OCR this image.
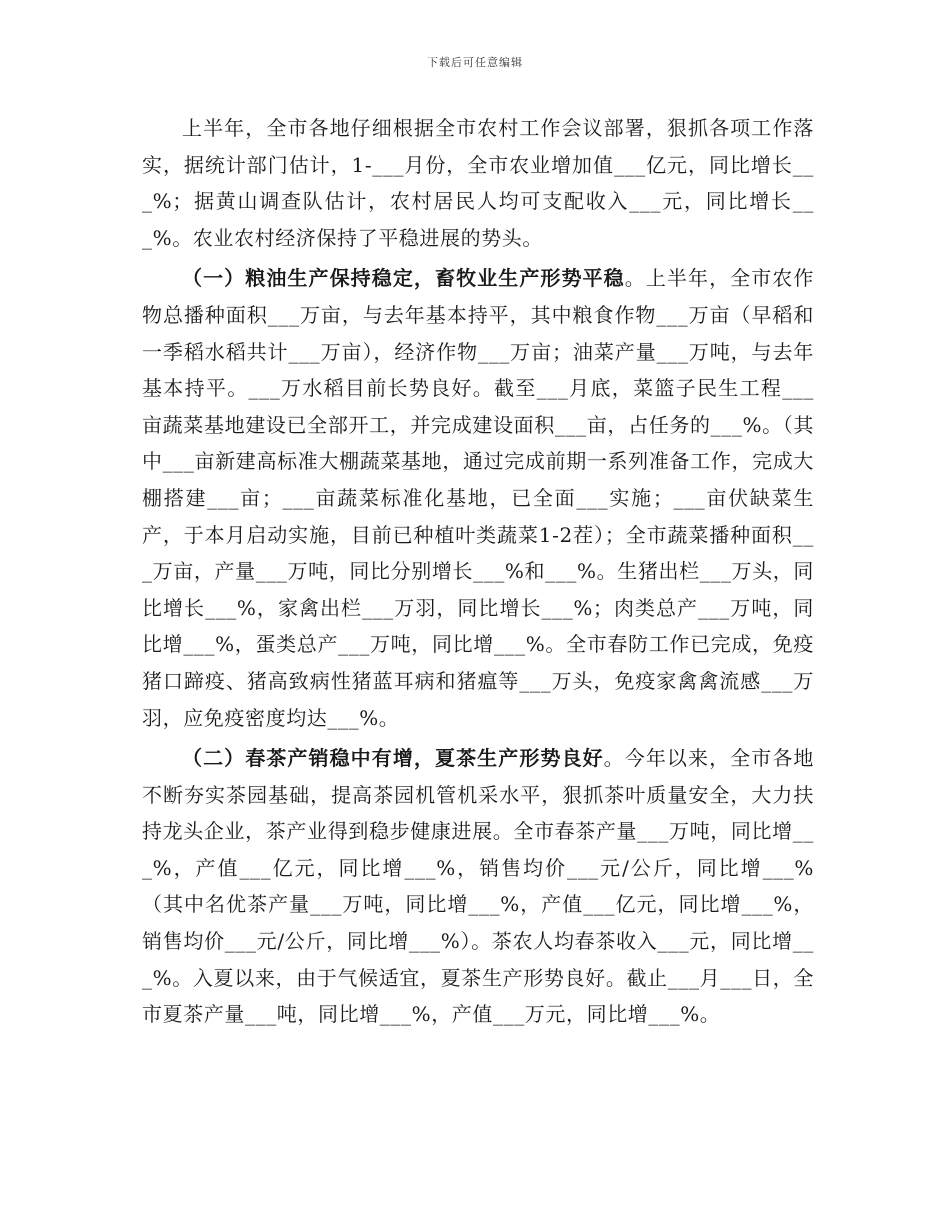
下载后可任意编辑

上半年，全市各地仔细根据全市农村工作会议部署，狠抓各项工作落实，据统计部门估计，1-___月份，全市农业增加值___亿元，同比增长___%；据黄山调查队估计，农村居民人均可支配收入___元，同比增长___%。农业农村经济保持了平稳进展的势头。

（一）粮油生产保持稳定，畜牧业生产形势平稳。上半年，全市农作物总播种面积___万亩，与去年基本持平，其中粮食作物___万亩（早稻和一季稻水稻共计___万亩），经济作物___万亩；油菜产量___万吨，与去年基本持平。___万水稻目前长势良好。截至___月底，菜篮子民生工程___亩蔬菜基地建设已全部开工，并完成建设面积___亩，占任务的___%。（其中___亩新建高标准大棚蔬菜基地，通过完成前期一系列准备工作，完成大棚搭建___亩；___亩蔬菜标准化基地，已全面___实施；___亩伏缺菜生产，于本月启动实施，目前已种植叶类蔬菜1-2茬）；全市蔬菜播种面积___万亩，产量___万吨，同比分别增长___%和___%。生猪出栏___万头，同比增长___%，家禽出栏___万羽，同比增长___%；肉类总产___万吨，同比增___%，蛋类总产___万吨，同比增___%。全市春防工作已完成，免疫猪口蹄疫、猪高致病性猪蓝耳病和猪瘟等___万头，免疫家禽禽流感___万羽，应免疫密度均达___%。

（二）春茶产销稳中有增，夏茶生产形势良好。今年以来，全市各地不断夯实茶园基础，提高茶园机管机采水平，狠抓茶叶质量安全，大力扶持龙头企业，茶产业得到稳步健康进展。全市春茶产量___万吨，同比增___%，产值___亿元，同比增___%，销售均价___元/公斤，同比增___%（其中名优茶产量___万吨，同比增___%，产值___亿元，同比增___%，销售均价___元/公斤，同比增___%）。茶农人均春茶收入___元，同比增___%。入夏以来，由于气候适宜，夏茶生产形势良好。截止___月___日，全市夏茶产量___吨，同比增___%，产值___万元，同比增___%。
